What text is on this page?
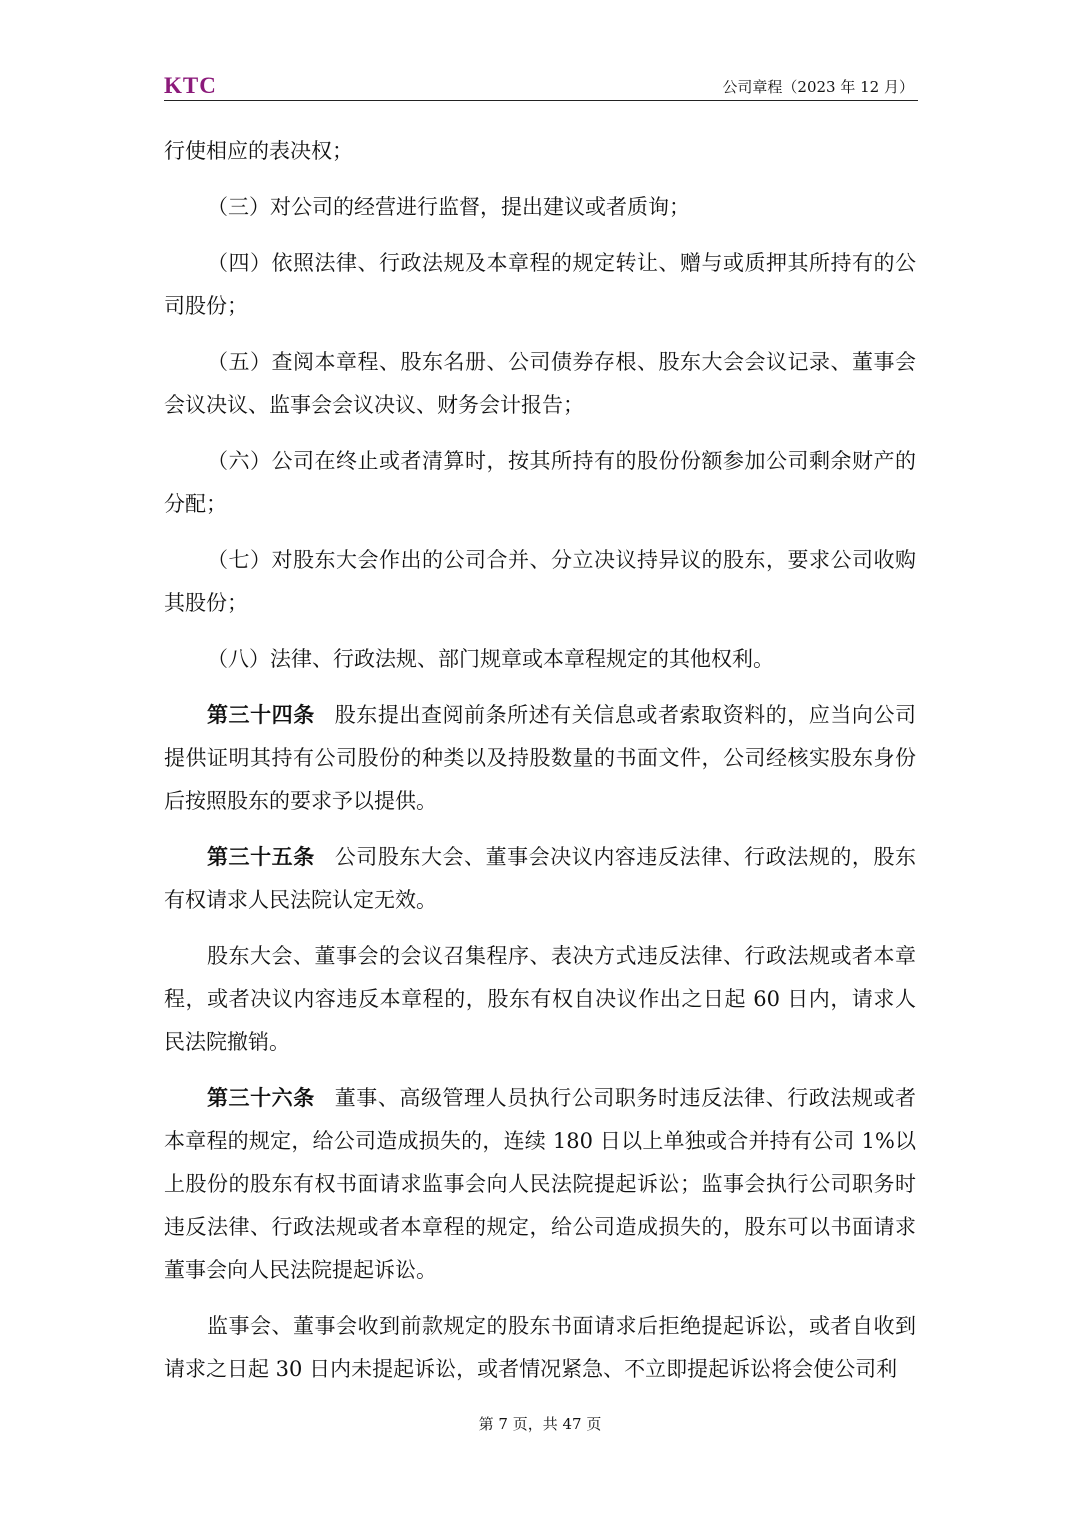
KTC	公司章程（2023 年 12 月）

行使相应的表决权；

（三）对公司的经营进行监督，提出建议或者质询；

（四）依照法律、行政法规及本章程的规定转让、赠与或质押其所持有的公司股份；

（五）查阅本章程、股东名册、公司债券存根、股东大会会议记录、董事会会议决议、监事会会议决议、财务会计报告；

（六）公司在终止或者清算时，按其所持有的股份份额参加公司剩余财产的分配；

（七）对股东大会作出的公司合并、分立决议持异议的股东，要求公司收购其股份；

（八）法律、行政法规、部门规章或本章程规定的其他权利。

第三十四条 股东提出查阅前条所述有关信息或者索取资料的，应当向公司提供证明其持有公司股份的种类以及持股数量的书面文件，公司经核实股东身份后按照股东的要求予以提供。

第三十五条 公司股东大会、董事会决议内容违反法律、行政法规的，股东有权请求人民法院认定无效。

股东大会、董事会的会议召集程序、表决方式违反法律、行政法规或者本章程，或者决议内容违反本章程的，股东有权自决议作出之日起 60 日内，请求人民法院撤销。

第三十六条 董事、高级管理人员执行公司职务时违反法律、行政法规或者本章程的规定，给公司造成损失的，连续 180 日以上单独或合并持有公司 1%以上股份的股东有权书面请求监事会向人民法院提起诉讼；监事会执行公司职务时违反法律、行政法规或者本章程的规定，给公司造成损失的，股东可以书面请求董事会向人民法院提起诉讼。

监事会、董事会收到前款规定的股东书面请求后拒绝提起诉讼，或者自收到请求之日起 30 日内未提起诉讼，或者情况紧急、不立即提起诉讼将会使公司利

第 7 页，共 47 页
